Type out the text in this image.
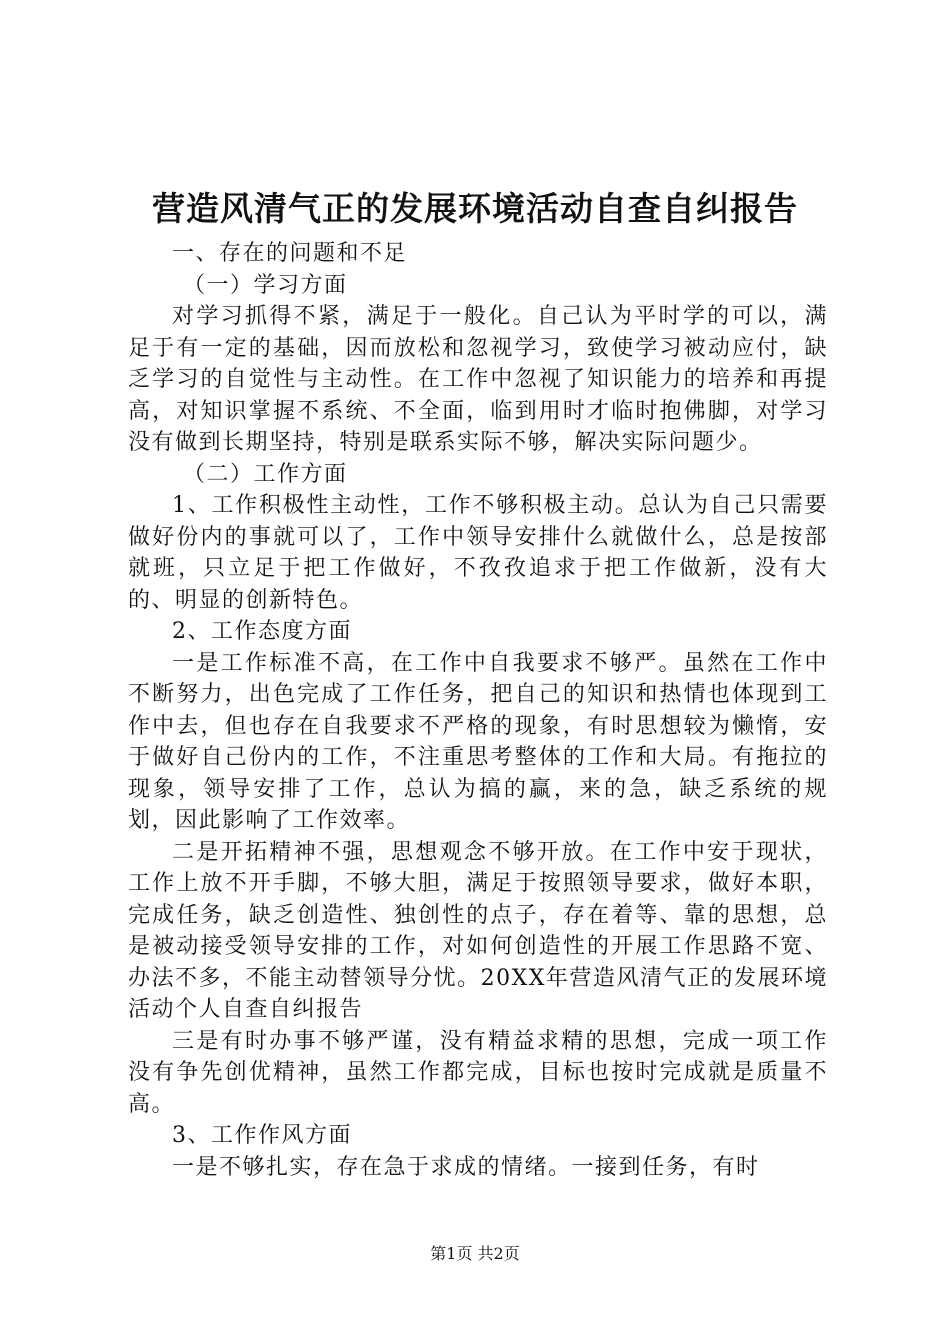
营造风清气正的发展环境活动自查自纠报告

一、存在的问题和不足

（一）学习方面

对学习抓得不紧，满足于一般化。自己认为平时学的可以，满足于有一定的基础，因而放松和忽视学习，致使学习被动应付，缺乏学习的自觉性与主动性。在工作中忽视了知识能力的培养和再提高，对知识掌握不系统、不全面，临到用时才临时抱佛脚，对学习没有做到长期坚持，特别是联系实际不够，解决实际问题少。

（二）工作方面

1、工作积极性主动性，工作不够积极主动。总认为自己只需要做好份内的事就可以了，工作中领导安排什么就做什么，总是按部就班，只立足于把工作做好，不孜孜追求于把工作做新，没有大的、明显的创新特色。

2、工作态度方面

一是工作标准不高，在工作中自我要求不够严。虽然在工作中不断努力，出色完成了工作任务，把自己的知识和热情也体现到工作中去，但也存在自我要求不严格的现象，有时思想较为懒惰，安于做好自己份内的工作，不注重思考整体的工作和大局。有拖拉的现象，领导安排了工作，总认为搞的赢，来的急，缺乏系统的规划，因此影响了工作效率。

二是开拓精神不强，思想观念不够开放。在工作中安于现状，工作上放不开手脚，不够大胆，满足于按照领导要求，做好本职，完成任务，缺乏创造性、独创性的点子，存在着等、靠的思想，总是被动接受领导安排的工作，对如何创造性的开展工作思路不宽、办法不多，不能主动替领导分忧。20XX年营造风清气正的发展环境活动个人自查自纠报告

三是有时办事不够严谨，没有精益求精的思想，完成一项工作没有争先创优精神，虽然工作都完成，目标也按时完成就是质量不高。

3、工作作风方面

一是不够扎实，存在急于求成的情绪。一接到任务，有时

第1页 共2页
